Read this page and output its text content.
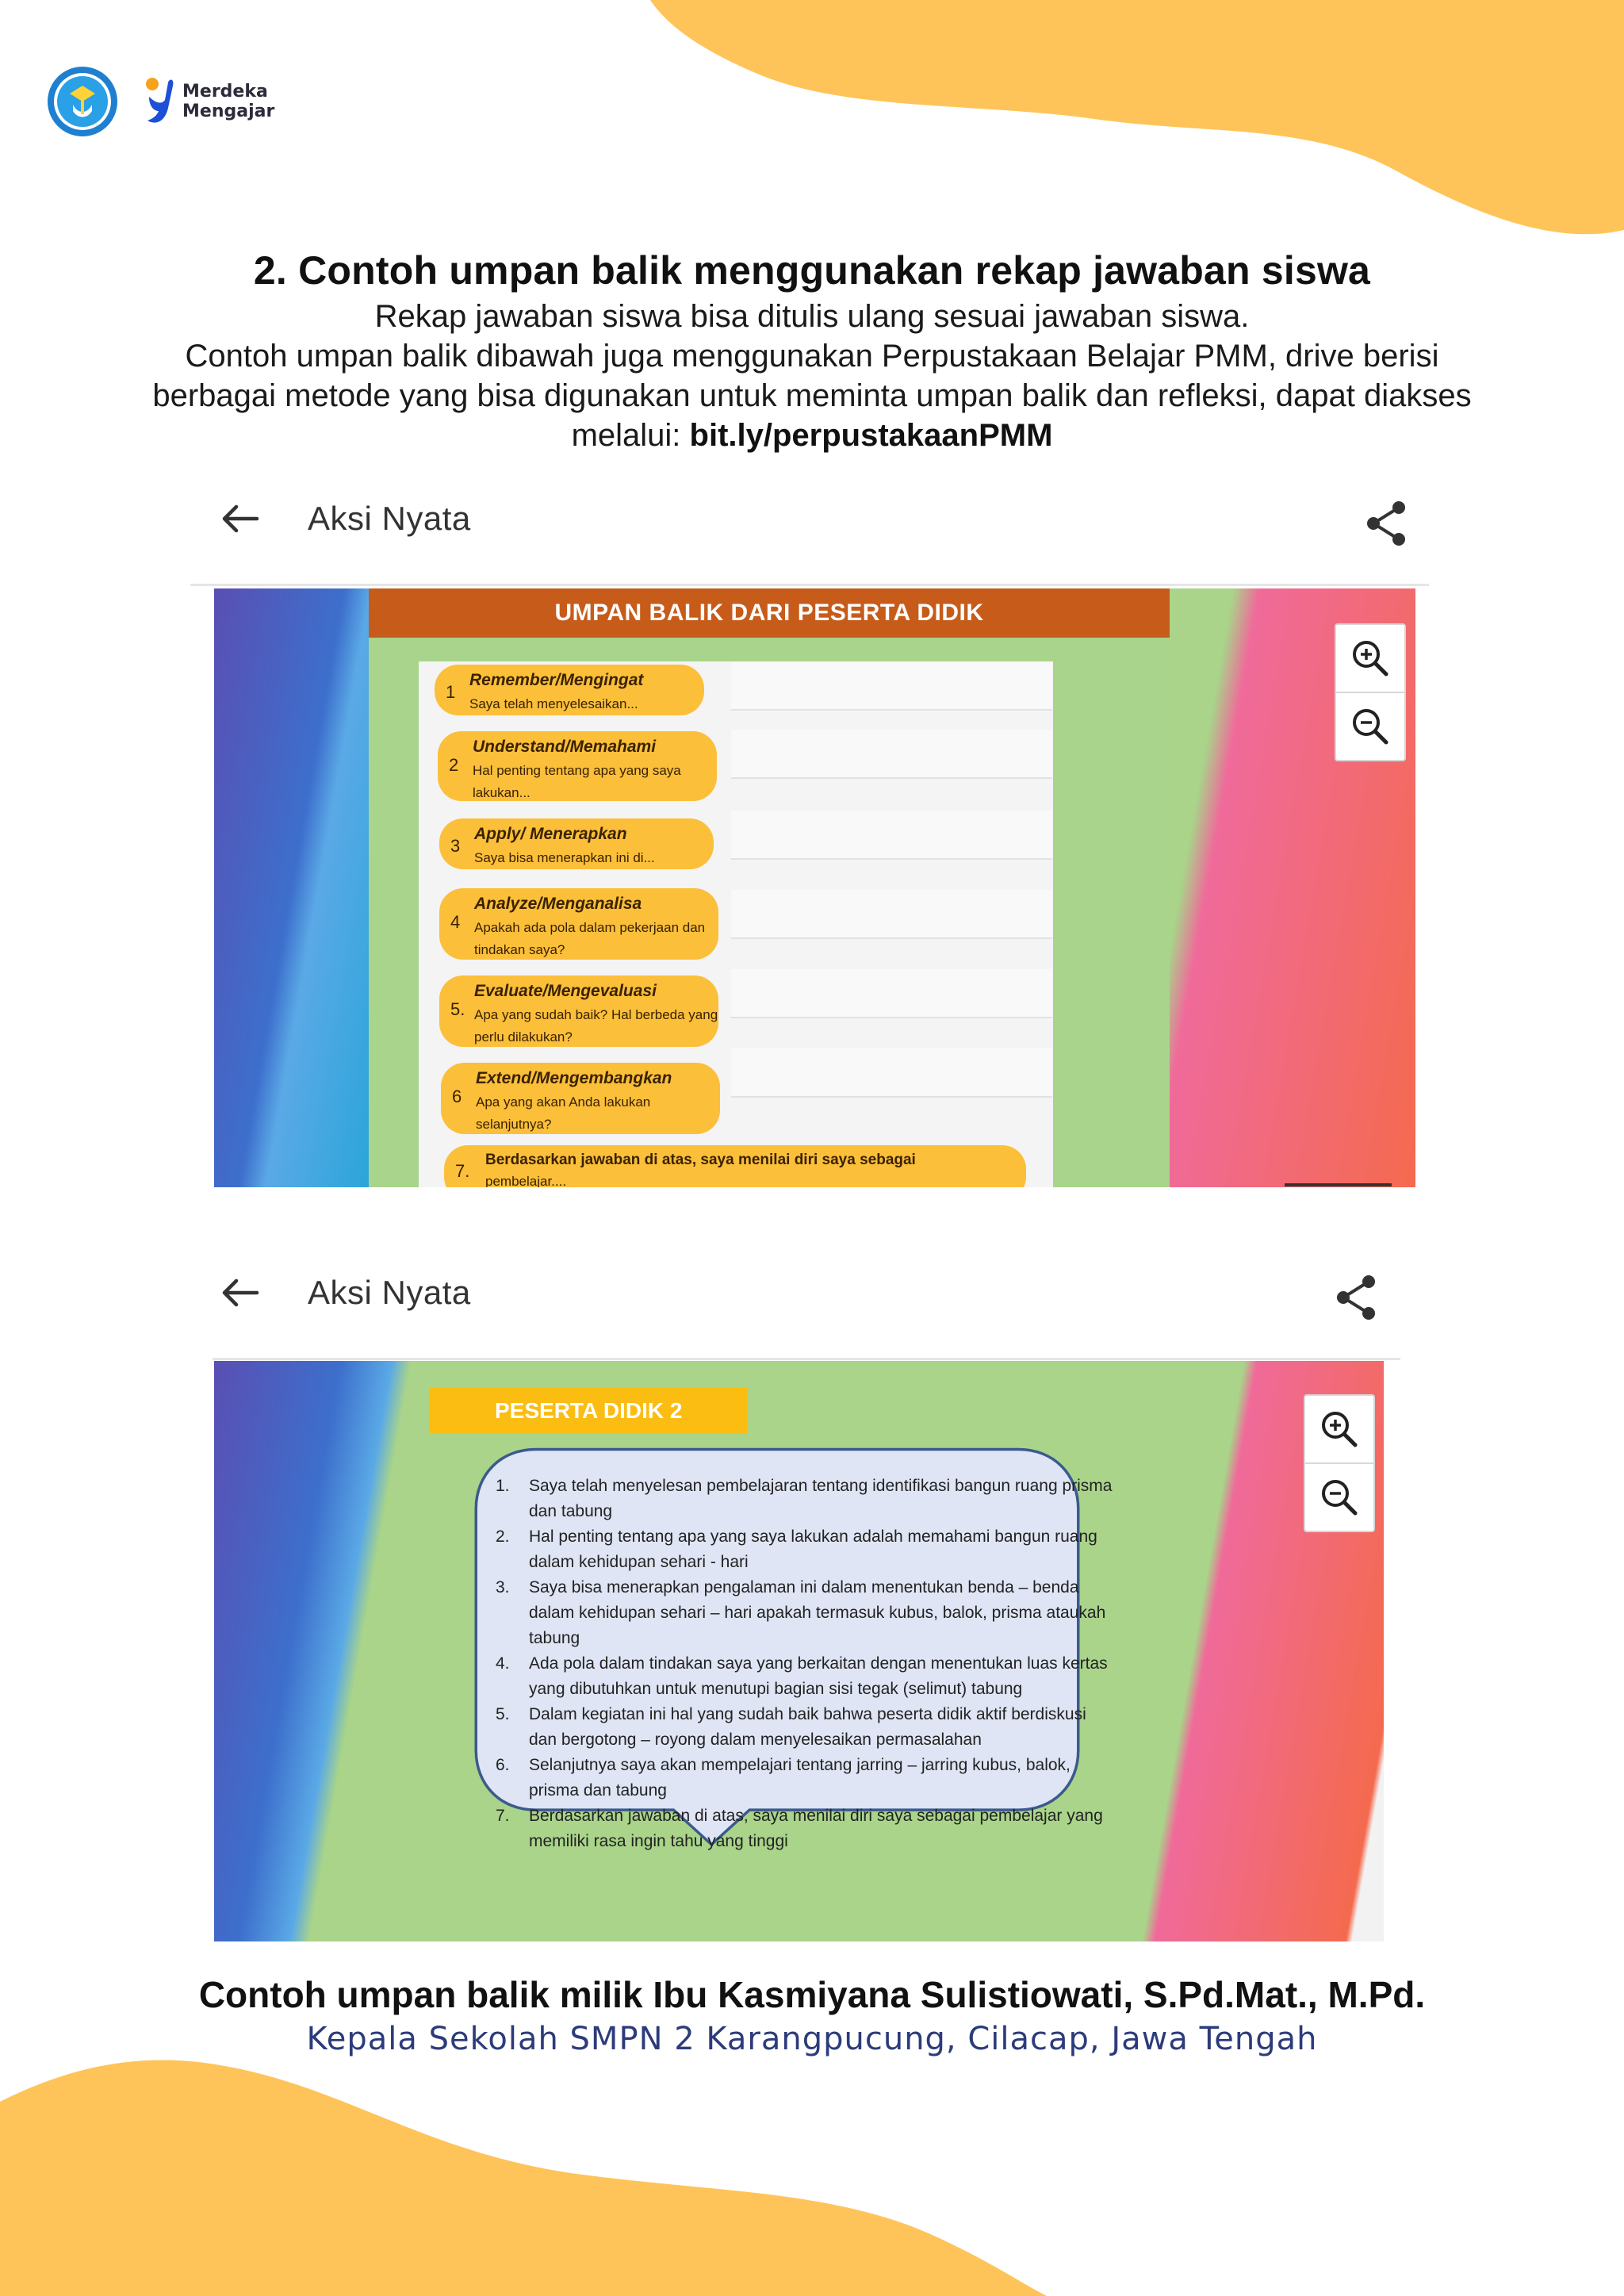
Merdeka
Mengajar
2. Contoh umpan balik menggunakan rekap jawaban siswa
Rekap jawaban siswa bisa ditulis ulang sesuai jawaban siswa.
Contoh umpan balik dibawah juga menggunakan Perpustakaan Belajar PMM, drive berisi
berbagai metode yang bisa digunakan untuk meminta umpan balik dan refleksi, dapat diakses
melalui: bit.ly/perpustakaanPMM
Aksi Nyata
UMPAN BALIK DARI PESERTA DIDIK
1
Remember/Mengingat
Saya telah menyelesaikan...
2
Understand/Memahami
Hal penting tentang apa yang saya lakukan...
3
Apply/ Menerapkan
Saya bisa menerapkan ini di...
4
Analyze/Menganalisa
Apakah ada pola dalam pekerjaan dan tindakan saya?
5.
Evaluate/Mengevaluasi
Apa yang sudah baik? Hal berbeda yang perlu dilakukan?
6
Extend/Mengembangkan
Apa yang akan Anda lakukan selanjutnya?
7.
Berdasarkan jawaban di atas, saya menilai diri saya sebagai
pembelajar....
Aksi Nyata
PESERTA DIDIK 2
1. Saya telah menyelesan pembelajaran tentang identifikasi bangun ruang prisma dan tabung
2. Hal penting tentang apa yang saya lakukan adalah memahami bangun ruang dalam kehidupan sehari - hari
3. Saya bisa menerapkan pengalaman ini dalam menentukan benda – benda dalam kehidupan sehari – hari apakah termasuk kubus, balok, prisma ataukah tabung
4. Ada pola dalam tindakan saya yang berkaitan dengan menentukan luas kertas yang dibutuhkan untuk menutupi bagian sisi tegak (selimut) tabung
5. Dalam kegiatan ini hal yang sudah baik bahwa peserta didik aktif berdiskusi dan bergotong – royong dalam menyelesaikan permasalahan
6. Selanjutnya saya akan mempelajari tentang jarring – jarring kubus, balok, prisma dan tabung
7. Berdasarkan jawaban di atas, saya menilai diri saya sebagai pembelajar yang memiliki rasa ingin tahu yang tinggi
Contoh umpan balik milik Ibu Kasmiyana Sulistiowati, S.Pd.Mat., M.Pd.
Kepala Sekolah SMPN 2 Karangpucung, Cilacap, Jawa Tengah
